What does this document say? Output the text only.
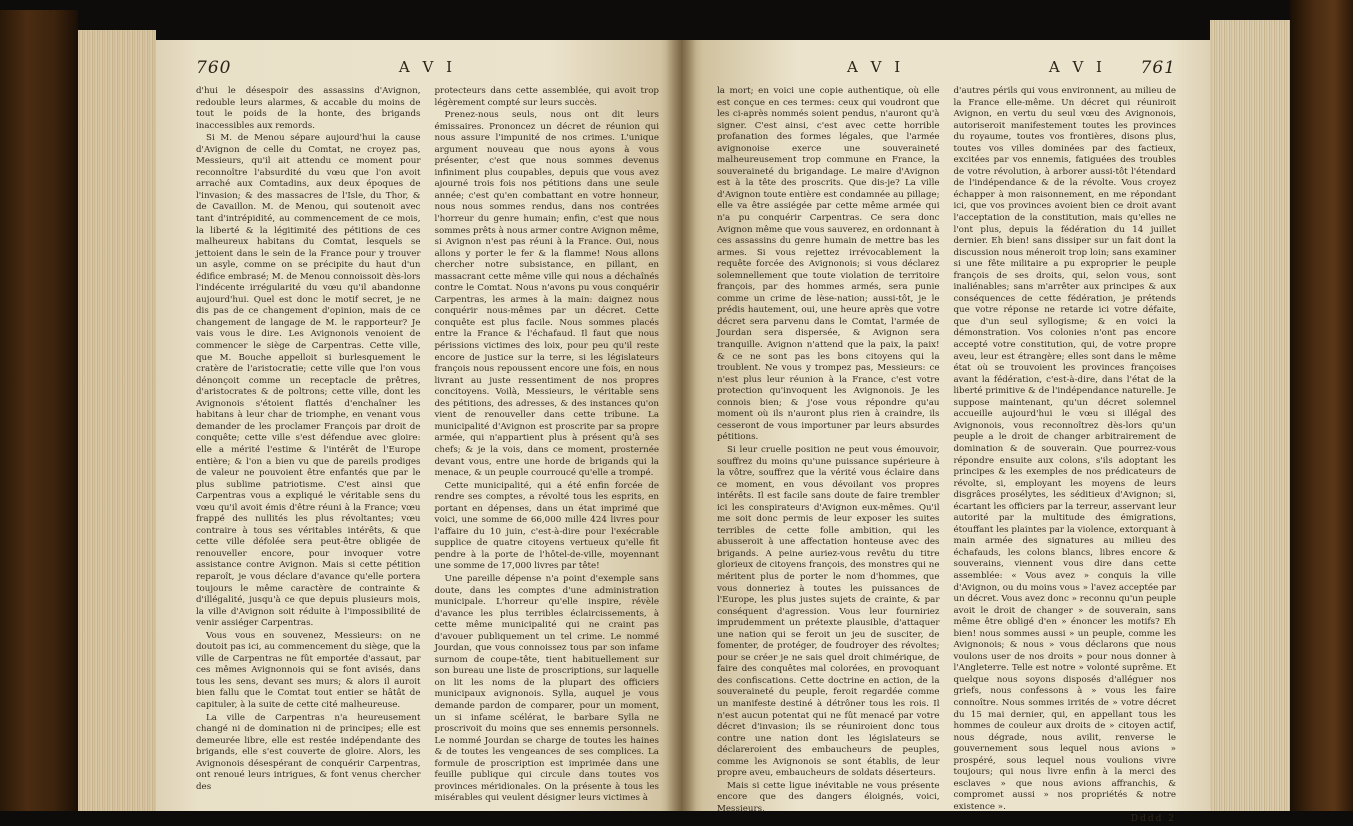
760	A V I

d'hui le désespoir des assassins d'Avignon, redouble leurs alarmes, & accable du moins de tout le poids de la honte, des brigands inaccessibles aux remords.

Si M. de Menou sépare aujourd'hui la cause d'Avignon de celle du Comtat, ne croyez pas, Messieurs, qu'il ait attendu ce moment pour reconnoître l'absurdité du vœu que l'on avoit arraché aux Comtadins, aux deux époques de l'invasion; & des massacres de l'Isle, du Thor, & de Cavaillon. M. de Menou, qui soutenoit avec tant d'intrépidité, au commencement de ce mois, la liberté & la légitimité des pétitions de ces malheureux habitans du Comtat, lesquels se jettoient dans le sein de la France pour y trouver un asyle, comme on se précipite du haut d'un édifice embrasé; M. de Menou connoissoit dès-lors l'indécente irrégularité du vœu qu'il abandonne aujourd'hui. Quel est donc le motif secret, je ne dis pas de ce changement d'opinion, mais de ce changement de langage de M. le rapporteur? Je vais vous le dire. Les Avignonois venoient de commencer le siège de Carpentras. Cette ville, que M. Bouche appelloit si burlesquement le cratère de l'aristocratie; cette ville que l'on vous dénonçoit comme un receptacle de prêtres, d'aristocrates & de poltrons; cette ville, dont les Avignonois s'étoient flattés d'enchaîner les habitans à leur char de triomphe, en venant vous demander de les proclamer François par droit de conquête; cette ville s'est défendue avec gloire: elle a mérité l'estime & l'intérêt de l'Europe entière; & l'on a bien vu que de pareils prodiges de valeur ne pouvoient être enfantés que par le plus sublime patriotisme. C'est ainsi que Carpentras vous a expliqué le véritable sens du vœu qu'il avoit émis d'être réuni à la France; vœu frappé des nullités les plus révoltantes; vœu contraire à tous ses véritables intérêts, & que cette ville défolée sera peut-être obligée de renouveller encore, pour invoquer votre assistance contre Avignon. Mais si cette pétition reparoît, je vous déclare d'avance qu'elle portera toujours le même caractère de contrainte & d'illégalité, jusqu'à ce que depuis plusieurs mois, la ville d'Avignon soit réduite à l'impossibilité de venir assiéger Carpentras.

Vous vous en souvenez, Messieurs: on ne doutoit pas ici, au commencement du siège, que la ville de Carpentras ne fût emportée d'assaut, par ces mêmes Avignonnois qui se font avisés, dans tous les sens, devant ses murs; & alors il auroit bien fallu que le Comtat tout entier se hâtât de capituler, à la suite de cette cité malheureuse.

La ville de Carpentras n'a heureusement changé ni de domination ni de principes; elle est demeurée libre, elle est restée indépendante des brigands, elle s'est couverte de gloire. Alors, les Avignonois désespérant de conquérir Carpentras, ont renoué leurs intrigues, & font venus chercher des

protecteurs dans cette assemblée, qui avoit trop légèrement compté sur leurs succès.

Prenez-nous seuls, nous ont dit leurs émissaires. Prononcez un décret de réunion qui nous assure l'impunité de nos crimes. L'unique argument nouveau que nous ayons à vous présenter, c'est que nous sommes devenus infiniment plus coupables, depuis que vous avez ajourné trois fois nos pétitions dans une seule année; c'est qu'en combattant en votre honneur, nous nous sommes rendus, dans nos contrées l'horreur du genre humain; enfin, c'est que nous sommes prêts à nous armer contre Avignon même, si Avignon n'est pas réuni à la France. Oui, nous allons y porter le fer & la flamme! Nous allons chercher notre subsistance, en pillant, en massacrant cette même ville qui nous a déchaînés contre le Comtat. Nous n'avons pu vous conquérir Carpentras, les armes à la main: daignez nous conquérir nous-mêmes par un décret. Cette conquête est plus facile. Nous sommes placés entre la France & l'échafaud. Il faut que nous périssions victimes des loix, pour peu qu'il reste encore de justice sur la terre, si les législateurs françois nous repoussent encore une fois, en nous livrant au juste ressentiment de nos propres concitoyens. Voilà, Messieurs, le véritable sens des pétitions, des adresses, & des instances qu'on vient de renouveller dans cette tribune. La municipalité d'Avignon est proscrite par sa propre armée, qui n'appartient plus à présent qu'à ses chefs; & je la vois, dans ce moment, prosternée devant vous, entre une horde de brigands qui la menace, & un peuple courroucé qu'elle a trompé.

Cette municipalité, qui a été enfin forcée de rendre ses comptes, a révolté tous les esprits, en portant en dépenses, dans un état imprimé que voici, une somme de 66,000 mille 424 livres pour l'affaire du 10 juin, c'est-à-dire pour l'exécrable supplice de quatre citoyens vertueux qu'elle fit pendre à la porte de l'hôtel-de-ville, moyennant une somme de 17,000 livres par tête!

Une pareille dépense n'a point d'exemple sans doute, dans les comptes d'une administration municipale. L'horreur qu'elle inspire, révèle d'avance les plus terribles éclaircissements, à cette même municipalité qui ne craint pas d'avouer publiquement un tel crime. Le nommé Jourdan, que vous connoissez tous par son infame surnom de coupe-tête, tient habituellement sur son bureau une liste de proscriptions, sur laquelle on lit les noms de la plupart des officiers municipaux avignonois. Sylla, auquel je vous demande pardon de comparer, pour un moment, un si infame scélérat, le barbare Sylla ne proscrivoit du moins que ses ennemis personnels. Le nommé Jourdan se charge de toutes les haines & de toutes les vengeances de ses complices. La formule de proscription est imprimée dans une feuille publique qui circule dans toutes vos provinces méridionales. On la présente à tous les misérables qui veulent désigner leurs victimes à

A V I	A V I 761

la mort; en voici une copie authentique, où elle est conçue en ces termes: ceux qui voudront que les ci-après nommés soient pendus, n'auront qu'à signer. C'est ainsi, c'est avec cette horrible profanation des formes légales, que l'armée avignonoise exerce une souveraineté malheureusement trop commune en France, la souveraineté du brigandage. Le maire d'Avignon est à la tête des proscrits. Que dis-je? La ville d'Avignon toute entière est condamnée au pillage; elle va être assiégée par cette même armée qui n'a pu conquérir Carpentras. Ce sera donc Avignon même que vous sauverez, en ordonnant à ces assassins du genre humain de mettre bas les armes. Si vous rejettez irrévocablement la requête forcée des Avignonois; si vous déclarez solemnellement que toute violation de territoire françois, par des hommes armés, sera punie comme un crime de lèse-nation; aussi-tôt, je le prédis hautement, oui, une heure après que votre décret sera parvenu dans le Comtat, l'armée de Jourdan sera dispersée, & Avignon sera tranquille. Avignon n'attend que la paix, la paix! & ce ne sont pas les bons citoyens qui la troublent. Ne vous y trompez pas, Messieurs: ce n'est plus leur réunion à la France, c'est votre protection qu'invoquent les Avignonois. Je les connois bien; & j'ose vous répondre qu'au moment où ils n'auront plus rien à craindre, ils cesseront de vous importuner par leurs absurdes pétitions.

Si leur cruelle position ne peut vous émouvoir, souffrez du moins qu'une puissance supérieure à la vôtre, souffrez que la vérité vous éclaire dans ce moment, en vous dévoilant vos propres intérêts. Il est facile sans doute de faire trembler ici les conspirateurs d'Avignon eux-mêmes. Qu'il me soit donc permis de leur exposer les suites terribles de cette folle ambition, qui les abusseroit à une affectation honteuse avec des brigands. A peine auriez-vous revêtu du titre glorieux de citoyens françois, des monstres qui ne méritent plus de porter le nom d'hommes, que vous donneriez à toutes les puissances de l'Europe, les plus justes sujets de crainte, & par conséquent d'agression. Vous leur fourniriez imprudemment un prétexte plausible, d'attaquer une nation qui se feroit un jeu de susciter, de fomenter, de protéger, de foudroyer des révoltes; pour se créer je ne sais quel droit chimérique, de faire des conquêtes mal colorées, en provoquant des confiscations. Cette doctrine en action, de la souveraineté du peuple, feroit regardée comme un manifeste destiné à détrôner tous les rois. Il n'est aucun potentat qui ne fût menacé par votre décret d'invasion; ils se réuniroient donc tous contre une nation dont les législateurs se déclareroient des embaucheurs de peuples, comme les Avignonois se sont établis, de leur propre aveu, embaucheurs de soldats déserteurs.

Mais si cette ligue inévitable ne vous présente encore que des dangers éloignés, voici, Messieurs,

d'autres périls qui vous environnent, au milieu de la France elle-même. Un décret qui réuniroit Avignon, en vertu du seul vœu des Avignonois, autoriseroit manifestement toutes les provinces du royaume, toutes vos frontières, disons plus, toutes vos villes dominées par des factieux, excitées par vos ennemis, fatiguées des troubles de votre révolution, à arborer aussi-tôt l'étendard de l'indépendance & de la révolte. Vous croyez échapper à mon raisonnement, en me répondant ici, que vos provinces avoient bien ce droit avant l'acceptation de la constitution, mais qu'elles ne l'ont plus, depuis la fédération du 14 juillet dernier. Eh bien! sans dissiper sur un fait dont la discussion nous méneroit trop loin; sans examiner si une fête militaire a pu exproprier le peuple françois de ses droits, qui, selon vous, sont inaliénables; sans m'arrêter aux principes & aux conséquences de cette fédération, je prétends que votre réponse ne retarde ici votre défaite, que d'un seul syllogisme; & en voici la démonstration. Vos colonies n'ont pas encore accepté votre constitution, qui, de votre propre aveu, leur est étrangère; elles sont dans le même état où se trouvoient les provinces françoises avant la fédération, c'est-à-dire, dans l'état de la liberté primitive & de l'indépendance naturelle. Je suppose maintenant, qu'un décret solemnel accueille aujourd'hui le vœu si illégal des Avignonois, vous reconnoîtrez dès-lors qu'un peuple a le droit de changer arbitrairement de domination & de souverain. Que pourrez-vous répondre ensuite aux colons, s'ils adoptant les principes & les exemples de nos prédicateurs de révolte, si, employant les moyens de leurs disgrâces prosélytes, les séditieux d'Avignon; si, écartant les officiers par la terreur, asservant leur autorité par la multitude des émigrations, étouffant les plaintes par la violence, extorquant à main armée des signatures au milieu des échafauds, les colons blancs, libres encore & souverains, viennent vous dire dans cette assemblée: « Vous avez » conquis la ville d'Avignon, ou du moins vous » l'avez acceptée par un décret. Vous avez donc » reconnu qu'un peuple avoit le droit de changer » de souverain, sans même être obligé d'en » énoncer les motifs? Eh bien! nous sommes aussi » un peuple, comme les Avignonois; & nous » vous déclarons que nous voulons user de nos droits » pour nous donner à l'Angleterre. Telle est notre » volonté suprême. Et quelque nous soyons disposés d'alléguer nos griefs, nous confessons à » vous les faire connoître. Nous sommes irrités de » votre décret du 15 mai dernier, qui, en appellant tous les hommes de couleur aux droits de » citoyen actif, nous dégrade, nous avilit, renverse le gouvernement sous lequel nous avions » prospéré, sous lequel nous voulions vivre toujours; qui nous livre enfin à la merci des esclaves » que nous avions affranchis, & compromet aussi » nos propriétés & notre existence ».

Dddd 2
